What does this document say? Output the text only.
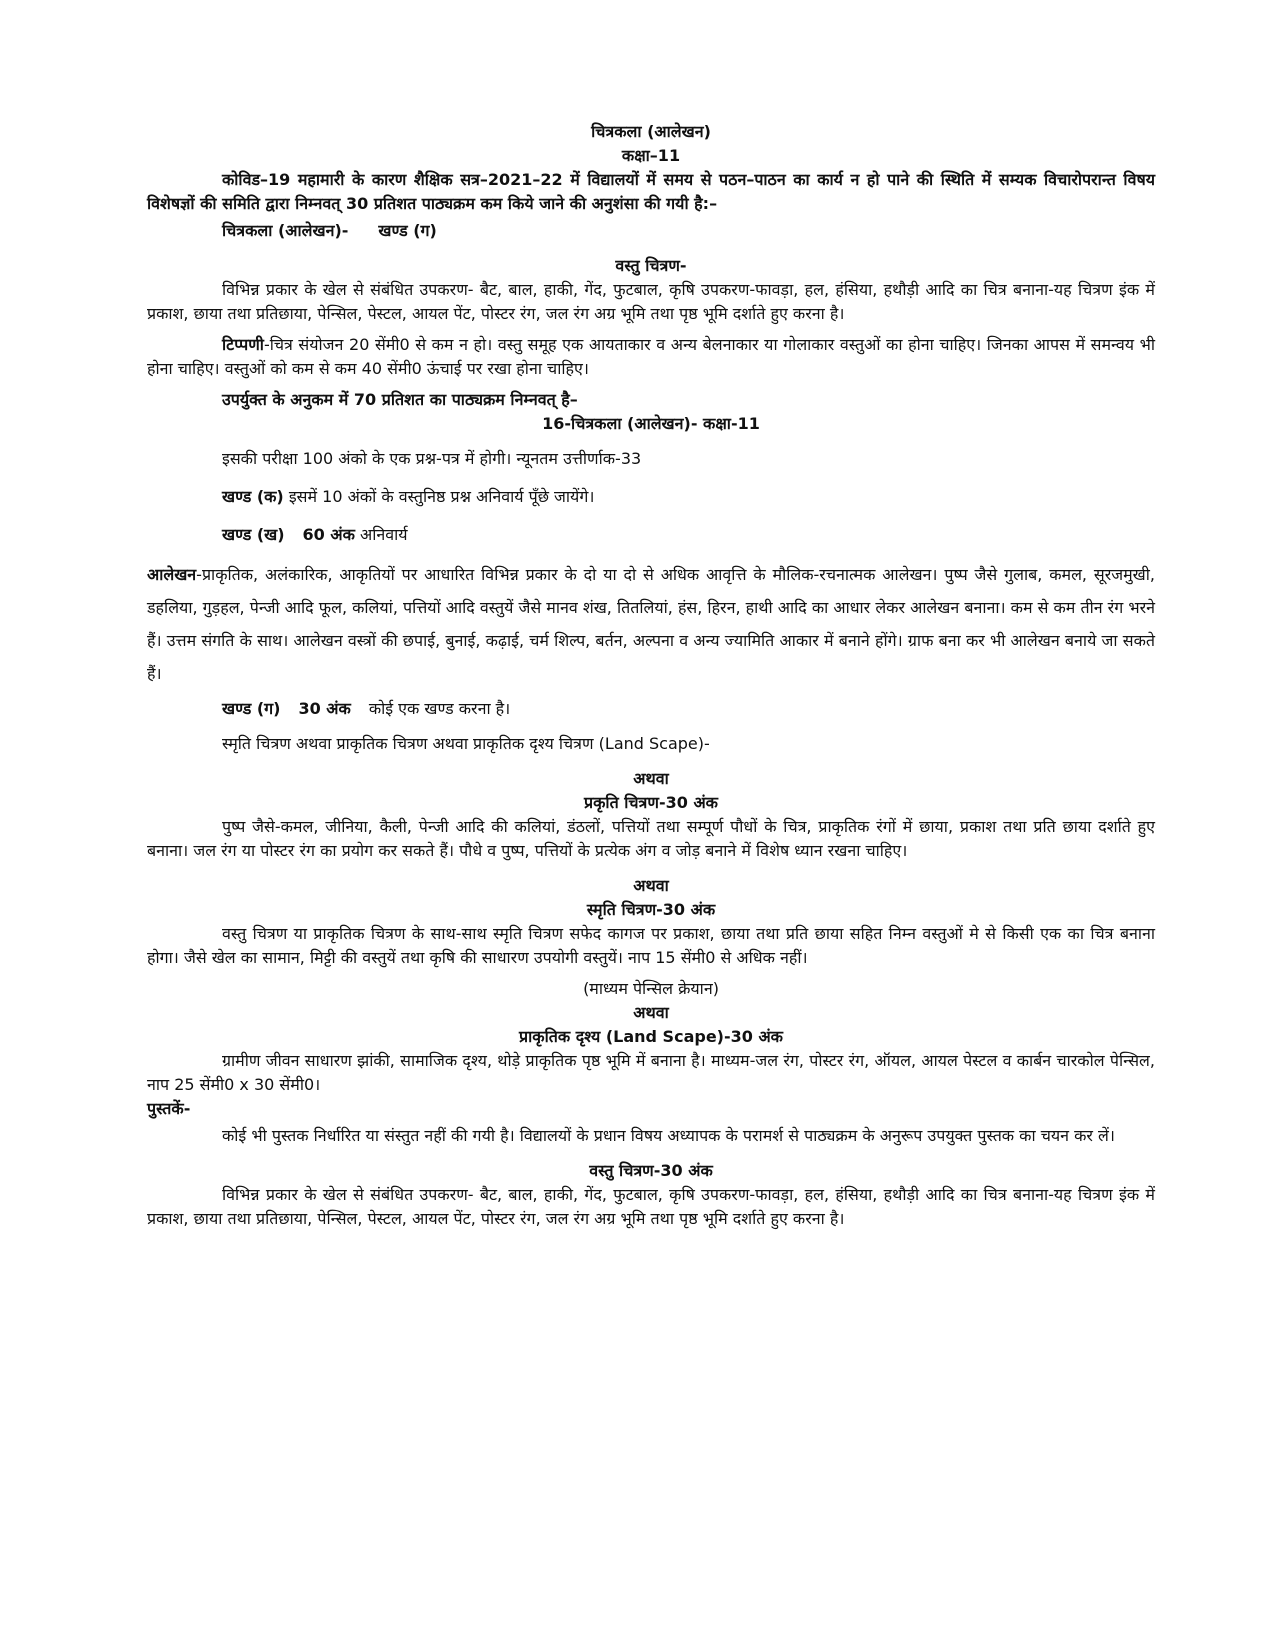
चित्रकला (आलेखन)

कक्षा–11

कोविड–19 महामारी के कारण शैक्षिक सत्र–2021–22 में विद्यालयों में समय से पठन–पाठन का कार्य न हो पाने की स्थिति में सम्यक विचारोपरान्त विषय विशेषज्ञों की समिति द्वारा निम्नवत् 30 प्रतिशत पाठ्यक्रम कम किये जाने की अनुशंसा की गयी है:–

चित्रकला (आलेखन)- खण्ड (ग)

वस्तु चित्रण-

विभिन्न प्रकार के खेल से संबंधित उपकरण- बैट, बाल, हाकी, गेंद, फुटबाल, कृषि उपकरण-फावड़ा, हल, हंसिया, हथौड़ी आदि का चित्र बनाना-यह चित्रण इंक में प्रकाश, छाया तथा प्रतिछाया, पेन्सिल, पेस्टल, आयल पेंट, पोस्टर रंग, जल रंग अग्र भूमि तथा पृष्ठ भूमि दर्शाते हुए करना है।

टिप्पणी-चित्र संयोजन 20 सेंमी0 से कम न हो। वस्तु समूह एक आयताकार व अन्य बेलनाकार या गोलाकार वस्तुओं का होना चाहिए। जिनका आपस में समन्वय भी होना चाहिए। वस्तुओं को कम से कम 40 सेंमी0 ऊंचाई पर रखा होना चाहिए।

उपर्युक्त के अनुकम में 70 प्रतिशत का पाठ्यक्रम निम्नवत् है–

16-चित्रकला (आलेखन)- कक्षा-11

इसकी परीक्षा 100 अंको के एक प्रश्न-पत्र में होगी। न्यूनतम उत्तीर्णाक-33

खण्ड (क) इसमें 10 अंकों के वस्तुनिष्ठ प्रश्न अनिवार्य पूँछे जायेंगे।

खण्ड (ख) 60 अंक अनिवार्य

आलेखन-प्राकृतिक, अलंकारिक, आकृतियों पर आधारित विभिन्न प्रकार के दो या दो से अधिक आवृत्ति के मौलिक-रचनात्मक आलेखन। पुष्प जैसे गुलाब, कमल, सूरजमुखी, डहलिया, गुड़हल, पेन्जी आदि फूल, कलियां, पत्तियों आदि वस्तुयें जैसे मानव शंख, तितलियां, हंस, हिरन, हाथी आदि का आधार लेकर आलेखन बनाना। कम से कम तीन रंग भरने हैं। उत्तम संगति के साथ। आलेखन वस्त्रों की छपाई, बुनाई, कढ़ाई, चर्म शिल्प, बर्तन, अल्पना व अन्य ज्यामिति आकार में बनाने होंगे। ग्राफ बना कर भी आलेखन बनाये जा सकते हैं।

खण्ड (ग) 30 अंक कोई एक खण्ड करना है।

स्मृति चित्रण अथवा प्राकृतिक चित्रण अथवा प्राकृतिक दृश्य चित्रण (Land Scape)-

अथवा

प्रकृति चित्रण-30 अंक

पुष्प जैसे-कमल, जीनिया, कैली, पेन्जी आदि की कलियां, डंठलों, पत्तियों तथा सम्पूर्ण पौधों के चित्र, प्राकृतिक रंगों में छाया, प्रकाश तथा प्रति छाया दर्शाते हुए बनाना। जल रंग या पोस्टर रंग का प्रयोग कर सकते हैं। पौधे व पुष्प, पत्तियों के प्रत्येक अंग व जोड़ बनाने में विशेष ध्यान रखना चाहिए।

अथवा

स्मृति चित्रण-30 अंक

वस्तु चित्रण या प्राकृतिक चित्रण के साथ-साथ स्मृति चित्रण सफेद कागज पर प्रकाश, छाया तथा प्रति छाया सहित निम्न वस्तुओं मे से किसी एक का चित्र बनाना होगा। जैसे खेल का सामान, मिट्टी की वस्तुयें तथा कृषि की साधारण उपयोगी वस्तुयें। नाप 15 सेंमी0 से अधिक नहीं।

(माध्यम पेन्सिल क्रेयान)

अथवा

प्राकृतिक दृश्य (Land Scape)-30 अंक

ग्रामीण जीवन साधारण झांकी, सामाजिक दृश्य, थोड़े प्राकृतिक पृष्ठ भूमि में बनाना है। माध्यम-जल रंग, पोस्टर रंग, ऑयल, आयल पेस्टल व कार्बन चारकोल पेन्सिल, नाप 25 सेंमी0 x 30 सेंमी0।

पुस्तकें-

कोई भी पुस्तक निर्धारित या संस्तुत नहीं की गयी है। विद्यालयों के प्रधान विषय अध्यापक के परामर्श से पाठ्यक्रम के अनुरूप उपयुक्त पुस्तक का चयन कर लें।

वस्तु चित्रण-30 अंक

विभिन्न प्रकार के खेल से संबंधित उपकरण- बैट, बाल, हाकी, गेंद, फुटबाल, कृषि उपकरण-फावड़ा, हल, हंसिया, हथौड़ी आदि का चित्र बनाना-यह चित्रण इंक में प्रकाश, छाया तथा प्रतिछाया, पेन्सिल, पेस्टल, आयल पेंट, पोस्टर रंग, जल रंग अग्र भूमि तथा पृष्ठ भूमि दर्शाते हुए करना है।
